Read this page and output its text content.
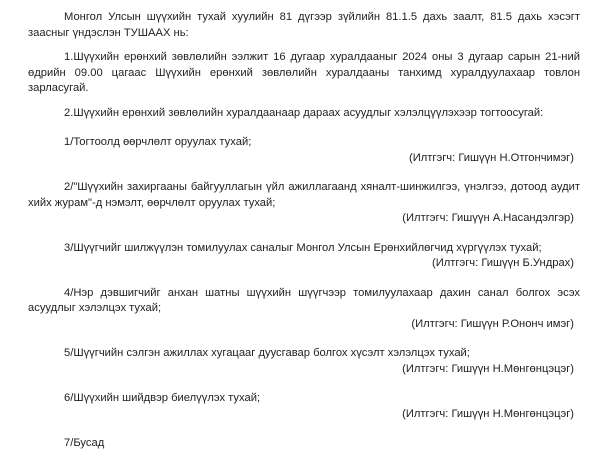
Монгол Улсын шүүхийн тухай хуулийн 81 дүгээр зүйлийн 81.1.5 дахь заалт, 81.5 дахь хэсэгт заасныг үндэслэн ТУШААХ нь:

1.Шүүхийн ерөнхий зөвлөлийн ээлжит 16 дугаар хуралдааныг 2024 оны 3 дугаар сарын 21-ний өдрийн 09.00 цагаас Шүүхийн ерөнхий зөвлөлийн хуралдааны танхимд хуралдуулахаар товлон зарласугай.

2.Шүүхийн ерөнхий зөвлөлийн хуралдаанаар дараах асуудлыг хэлэлцүүлэхээр тогтоосугай:

1/Тогтоолд өөрчлөлт оруулах тухай;

(Илтгэгч: Гишүүн Н.Отгончимэг)

2/"Шүүхийн захиргааны байгууллагын үйл ажиллагаанд хяналт-шинжилгээ, үнэлгээ, дотоод аудит хийх журам"-д нэмэлт, өөрчлөлт оруулах тухай;

(Илтгэгч: Гишүүн А.Насандэлгэр)

3/Шүүгчийг шилжүүлэн томилуулах саналыг Монгол Улсын Ерөнхийлөгчид хүргүүлэх тухай;

(Илтгэгч: Гишүүн Б.Ундрах)

4/Нэр дэвшигчийг анхан шатны шүүхийн шүүгчээр томилуулахаар дахин санал болгох эсэх асуудлыг хэлэлцэх тухай;

(Илтгэгч: Гишүүн Р.Ононч имэг)

5/Шүүгчийн сэлгэн ажиллах хугацааг дуусгавар болгох хүсэлт хэлэлцэх тухай;

(Илтгэгч: Гишүүн Н.Мөнгөнцэцэг)

6/Шүүхийн шийдвэр биелүүлэх тухай;

(Илтгэгч: Гишүүн Н.Мөнгөнцэцэг)

7/Бусад
